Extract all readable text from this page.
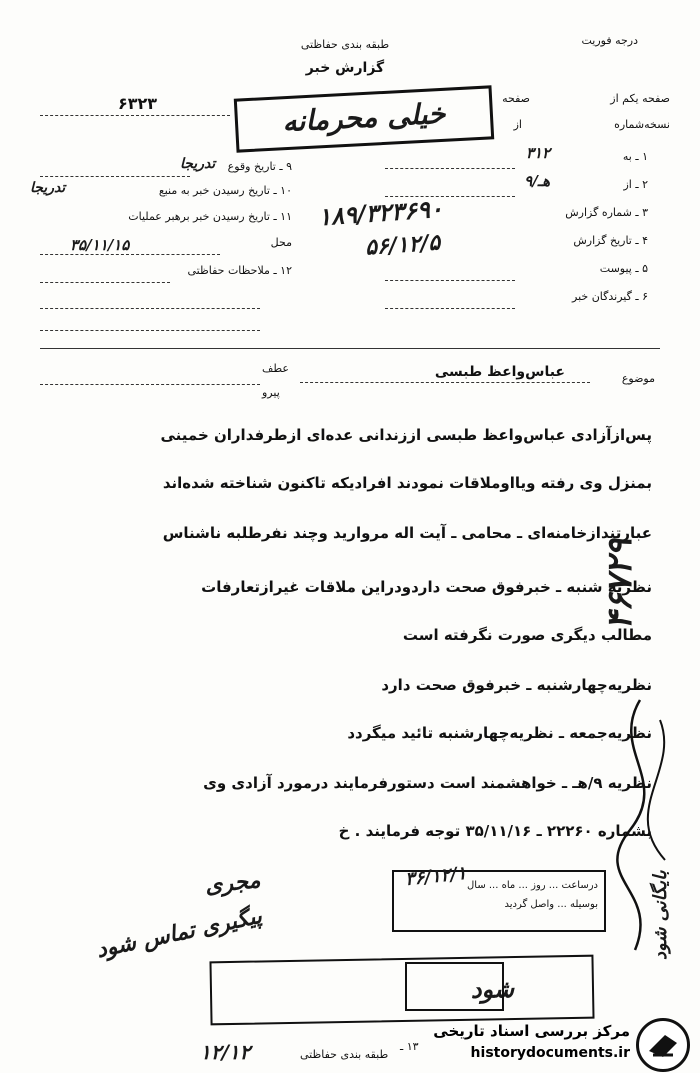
طبقه بندی حفاظتی
گزارش خبر
درجه فوریت
۶۳۲۳	خیلی محرمانه	صفحه یکم از
صفحه
نسخه‌شماره
از
۱ ـ به
۳۱۲
۲ ـ از
۹/هـ
۳ ـ شماره گزارش
۴ ـ تاریخ گزارش
۵ ـ پیوست
۶ ـ گیرندگان خبر
۱۸۹/۳۲۳۶۹۰
۵۶/۱۲/۵
۹ ـ تاریخ وقوع
تدریجا
۱۰ ـ تاریخ رسیدن خبر به منبع
تدریجا
۱۱ ـ تاریخ رسیدن خبر برهبر عملیات
محل
۳۵/۱۱/۱۵
۱۲ ـ ملاحظات حفاظتی
عطف
پیرو
موضوع
عباس‌واعظ طبسی
پس‌ازآزادی عباس‌واعظ طبسی اززندانی عده‌ای ازطرفداران خمینی
بمنزل وی رفته ویااوملاقات نمودند افرادیکه تاکنون شناخته شده‌اند
عبارتنداز‌خامنه‌ای ـ محامی ـ آیت اله مروارید وچند نفرطلبه ناشناس
نظریه شنبه ـ خبرفوق صحت داردو‌دراین ملاقات غیرازتعارفات
مطالب دیگری صورت نگرفته است
نظریه‌چهارشنبه ـ خبرفوق صحت دارد
نظریه‌جمعه ـ نظریه‌چهارشنبه تائید میگردد
نظریه ۹/هـ ـ خواهشمند است دستورفرمایند درمورد آزادی وی
بشماره ۲۲۲۶۰ ـ ۳۵/۱۱/۱۶ توجه فرمایند . خ
۴۶۷۲۹
بایگانی شود
درساعت ... روز ... ماه ... سال
بوسیله ... واصل گردید
۳۶/۱۲/۱
مجری
پیگیری تماس شود
۱۲/۱۲
شود
طبقه بندی حفاظتی
۱۳ ـ
مرکز بررسی اسناد تاریخی
historydocuments.ir
